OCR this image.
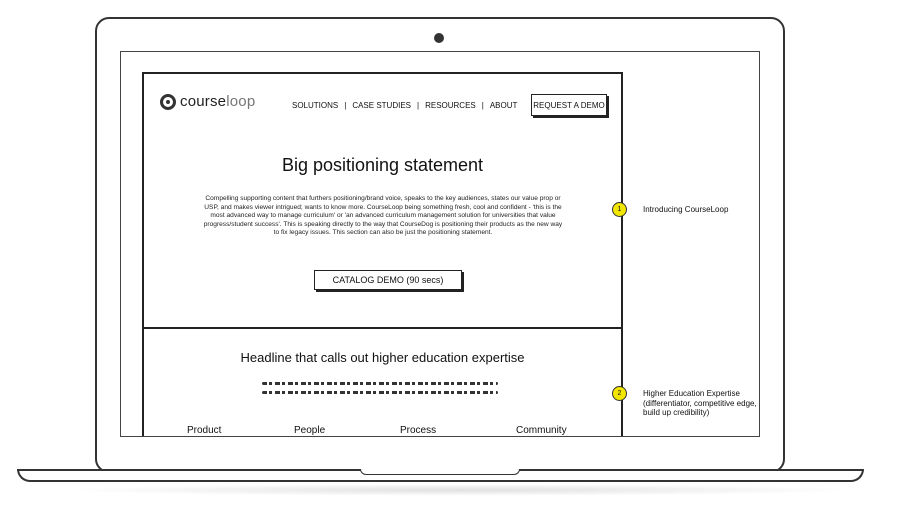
courseloop	SOLUTIONS | CASE STUDIES | RESOURCES | ABOUT REQUEST A DEMO
Big positioning statement
Compelling supporting content that furthers positioning/brand voice, speaks to the key audiences, states our value prop or USP, and makes viewer intrigued; wants to know more. CourseLoop being something fresh, cool and confident - 'this is the most advanced way to manage curriculum' or 'an advanced curriculum management solution for universities that value progress/student success'. This is speaking directly to the way that CourseDog is positioning their products as the new way to fix legacy issues. This section can also be just the positioning statement.
CATALOG DEMO (90 secs)
Headline that calls out higher education expertise
Product	People	Process	Community
1	Introducing CourseLoop
2	Higher Education Expertise (differentiator, competitive edge, build up credibility)
